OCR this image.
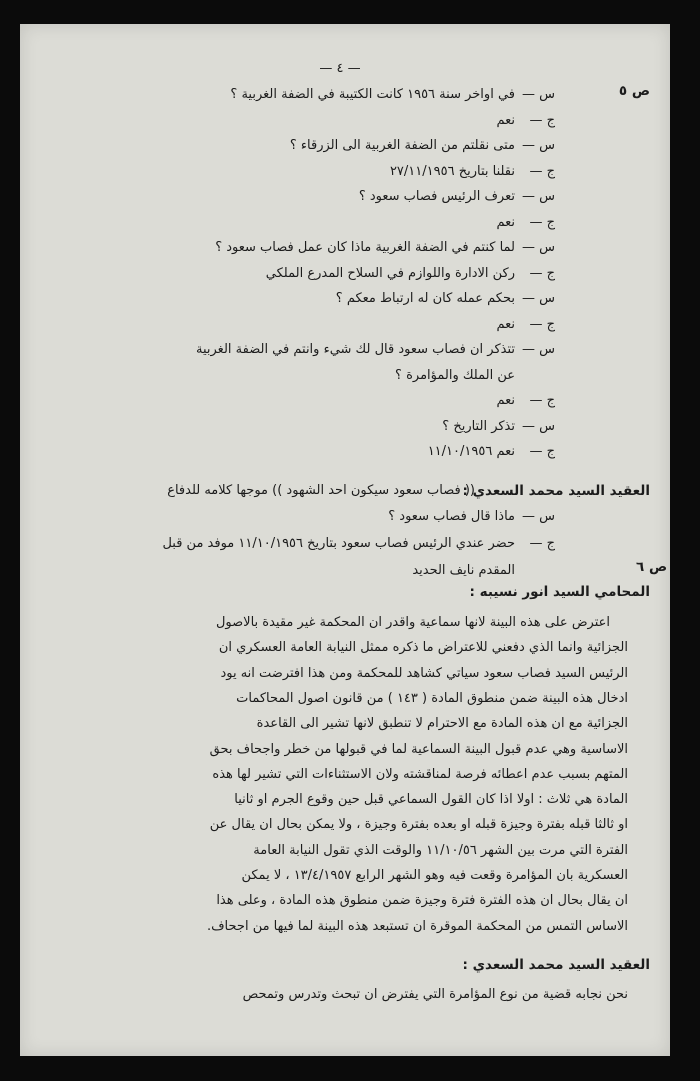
— ٤ —
ص ٥
س —في اواخر سنة ١٩٥٦ كانت الكتيبة في الضفة الغربية ؟
ج —نعم
س —متى نقلتم من الضفة الغربية الى الزرقاء ؟
ج —نقلنا بتاريخ ٢٧/١١/١٩٥٦
س —تعرف الرئيس فصاب سعود ؟
ج —نعم
س —لما كنتم في الضفة الغربية ماذا كان عمل فصاب سعود ؟
ج —ركن الادارة واللوازم في السلاح المدرع الملكي
س —بحكم عمله كان له ارتباط معكم ؟
ج —نعم
س —تتذكر ان فصاب سعود قال لك شيء وانتم في الضفة الغربية
عن الملك والمؤامرة ؟
ج —نعم
س —تذكر التاريخ ؟
ج —نعم ١١/١٠/١٩٥٦
العقيد السيد محمد السعدي :
(( فصاب سعود سيكون احد الشهود )) موجها كلامه للدفاع
س —ماذا قال فصاب سعود ؟
ج —حضر عندي الرئيس فصاب سعود بتاريخ ١١/١٠/١٩٥٦ موفد من قبل
المقدم نايف الحديد	ص ٦
المحامي السيد انور نسيبه :
اعترض على هذه البينة لانها سماعية واقدر ان المحكمة غير مقيدة بالاصول
الجزائية وانما الذي دفعني للاعتراض ما ذكره ممثل النيابة العامة العسكري ان
الرئيس السيد فصاب سعود سياتي كشاهد للمحكمة ومن هذا افترضت انه يود
ادخال هذه البينة ضمن منطوق المادة ( ١٤٣ ) من قانون اصول المحاكمات
الجزائية مع ان هذه المادة مع الاحترام لا تنطبق لانها تشير الى القاعدة
الاساسية وهي عدم قبول البينة السماعية لما في قبولها من خطر واجحاف بحق
المتهم بسبب عدم اعطائه فرصة لمناقشته ولان الاستثناءات التي تشير لها هذه
المادة هي ثلاث : اولا اذا كان القول السماعي قبل حين وقوع الجرم او ثانيا
او ثالثا قبله بفترة وجيزة قبله او بعده بفترة وجيزة ، ولا يمكن بحال ان يقال عن
الفترة التي مرت بين الشهر ١١/١٠/٥٦ والوقت الذي تقول النيابة العامة
العسكرية بان المؤامرة وقعت فيه وهو الشهر الرابع ١٣/٤/١٩٥٧ ، لا يمكن
ان يقال بحال ان هذه الفترة فترة وجيزة ضمن منطوق هذه المادة ، وعلى هذا
الاساس التمس من المحكمة الموقرة ان تستبعد هذه البينة لما فيها من اجحاف.
العقيد السيد محمد السعدي :
نحن نجابه قضية من نوع المؤامرة التي يفترض ان تبحث وتدرس وتمحص
